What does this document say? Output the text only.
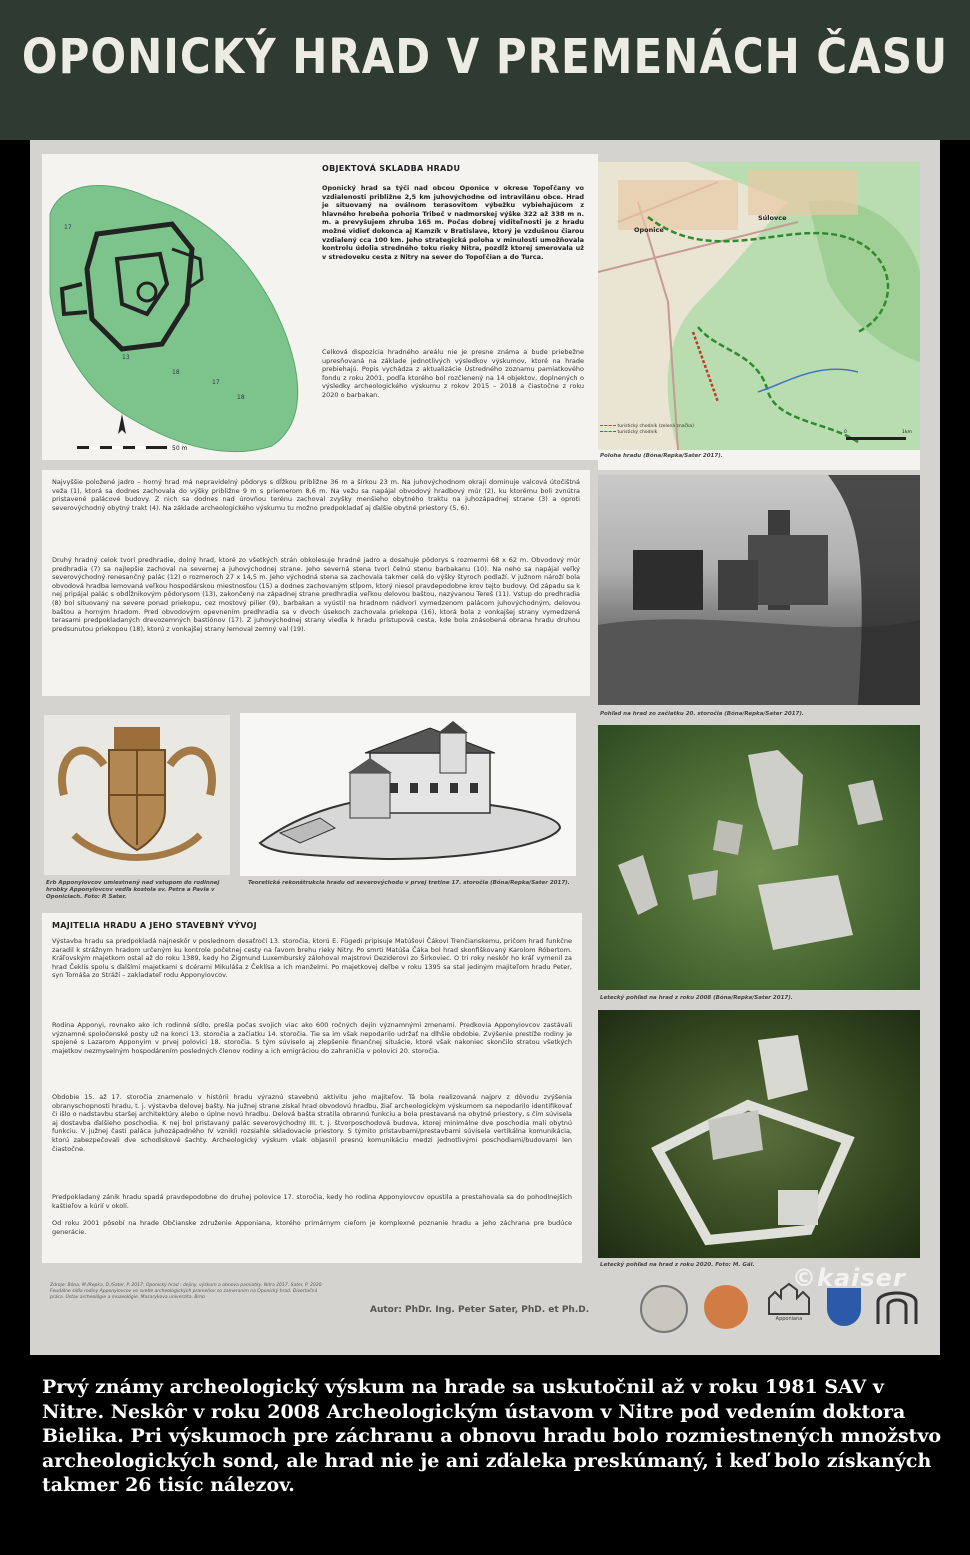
OPONICKÝ HRAD V PREMENÁCH ČASU
17
18
17
18
13
50 m
OBJEKTOVÁ SKLADBA HRADU

Oponický hrad sa týči nad obcou Oponice v okrese Topoľčany vo vzdialenosti približne 2,5 km juhovýchodne od intravilánu obce. Hrad je situovaný na oválnom terasovitom výbežku vybiehajúcom z hlavného hrebeňa pohoria Tribeč v nadmorskej výške 322 až 338 m n. m. a prevyšujem zhruba 165 m. Počas dobrej viditeľnosti je z hradu možné vidieť dokonca aj Kamzík v Bratislave, ktorý je vzdušnou čiarou vzdialený cca 100 km. Jeho strategická poloha v minulosti umožňovala kontrolu údolia stredného toku rieky Nitra, pozdĺž ktorej smerovala už v stredoveku cesta z Nitry na sever do Topoľčian a do Turca.

Celková dispozícia hradného areálu nie je presne známa a bude priebežne upresňovaná na základe jednotlivých výsledkov výskumov, ktoré na hrade prebiehajú. Popis vychádza z aktualizácie Ústredného zoznamu pamiatkového fondu z roku 2001, podľa ktorého bol rozčlenený na 14 objektov, doplnených o výsledky archeologického výskumu z rokov 2015 – 2018 a čiastočne z roku 2020 o barbakan.

Oponice
Súlovce
turistický chodník (zelená značka)
turistický chodník	0	1km
Poloha hradu (Bóna/Repka/Sater 2017).

Najvyššie položené jadro – horný hrad má nepravidelný pôdorys s dĺžkou približne 36 m a šírkou 23 m. Na juhovýchodnom okraji dominuje valcová útočištná veža (1), ktorá sa dodnes zachovala do výšky približne 9 m s priemerom 8,6 m. Na vežu sa napájal obvodový hradbový múr (2), ku ktorému boli zvnútra pristavené palácové budovy. Z nich sa dodnes nad úrovňou terénu zachoval zvyšky menšieho obytného traktu na juhozápadnej strane (3) a oproti severovýchodný obytný trakt (4). Na základe archeologického výskumu tu možno predpokladať aj ďalšie obytné priestory (5, 6).

Druhý hradný celok tvorí predhradie, dolný hrad, ktoré zo všetkých strán obkolesuje hradné jadro a dosahuje pôdorys s rozmermi 68 x 62 m. Obvodový múr predhradia (7) sa najlepšie zachoval na severnej a juhovýchodnej strane. Jeho severná stena tvorí čelnú stenu barbakanu (10). Na neho sa napájal veľký severovýchodný renesančný palác (12) o rozmeroch 27 x 14,5 m. Jeho východná stena sa zachovala takmer celá do výšky štyroch podlaží. V južnom nároží bola obvodová hradba lemovaná veľkou hospodárskou miestnosťou (15) a dodnes zachovaným stĺpom, ktorý niesol pravdepodobne krov tejto budovy. Od západu sa k nej pripájal palác s obdĺžnikovým pôdorysom (13), zakončený na západnej strane predhradia veľkou delovou baštou, nazývanou Tereš (11). Vstup do predhradia (8) bol situovaný na severe ponad priekopu, cez mostový pilier (9), barbakan a vyústil na hradnom nádvorí vymedzenom palácom juhovýchodným, delovou baštou a horným hradom. Pred obvodovým opevnením predhradia sa v dvoch úsekoch zachovala priekopa (16), ktorá bola z vonkajšej strany vymedzená terasami predpokladaných drevozemných bastiónov (17). Z juhovýchodnej strany viedla k hradu prístupová cesta, kde bola znásobená obrana hradu druhou predsunutou priekopou (18), ktorú z vonkajšej strany lemoval zemný val (19).

Pohľad na hrad zo začiatku 20. storočia (Bóna/Repka/Sater 2017).
Erb Apponyiovcov umiestnený nad vstupom do rodinnej hrobky Apponyiovcov vedľa kostola sv. Petra a Pavla v Oponiciach. Foto: P. Sater.
Teoretická rekonštrukcia hradu od severovýchodu v prvej tretine 17. storočia (Bóna/Repka/Sater 2017).
MAJITELIA HRADU A JEHO STAVEBNÝ VÝVOJ

Výstavba hradu sa predpokladá najneskôr v poslednom desaťročí 13. storočia, ktorú E. Fügedi pripisuje Matúšovi Čákovi Trenčianskemu, pričom hrad funkčne zaradil k strážnym hradom určeným ku kontrole početnej cesty na ľavom brehu rieky Nitry. Po smrti Matúša Čáka bol hrad skonfiškovaný Karolom Róbertom. Kráľovským majetkom ostal až do roku 1389, kedy ho Žigmund Luxemburský zálohoval majstrovi Deziderovi zo Širkoviec. O tri roky neskôr ho kráľ vymenil za hrad Čeklís spolu s ďalšími majetkami s dcérami Mikuláša z Čeklísa a ich manželmi. Po majetkovej deľbe v roku 1395 sa stal jediným majiteľom hradu Peter, syn Tomáša zo Stráží – zakladateľ rodu Apponyiovcov.

Rodina Apponyi, rovnako ako ich rodinné sídlo, prešla počas svojich viac ako 600 ročných dejín významnými zmenami. Predkovia Apponyiovcov zastávali významné spoločenské posty už na konci 13. storočia a začiatku 14. storočia. Tie sa im však nepodarilo udržať na dlhšie obdobie. Zvýšenie prestíže rodiny je spojené s Lazarom Apponyim v prvej polovici 18. storočia. S tým súviselo aj zlepšenie finančnej situácie, ktoré však nakoniec skončilo stratou všetkých majetkov nezmyselným hospodárením posledných členov rodiny a ich emigráciou do zahraničia v polovici 20. storočia.

Obdobie 15. až 17. storočia znamenalo v histórii hradu výraznú stavebnú aktivitu jeho majiteľov. Tá bola realizovaná najprv z dôvodu zvýšenia obranyschopnosti hradu, t. j. výstavba delovej bašty. Na južnej strane získal hrad obvodovú hradbu, žiaľ archeologickým výskumom sa nepodarilo identifikovať či išlo o nadstavbu staršej architektúry alebo o úplne novú hradbu. Delová bašta stratila obrannú funkciu a bola prestavaná na obytné priestory, s čím súvisela aj dostavba ďalšieho poschodia. K nej bol pristavaný palác severovýchodný III. t. j. štvorposchodová budova, ktorej minimálne dve poschodia mali obytnú funkciu. V južnej časti paláca juhozápadného IV vznikli rozsiahle skladovacie priestory. S týmito prístavbami/prestavbami súvisela vertikálna komunikácia, ktorú zabezpečovali dve schodiskové šachty. Archeologický výskum však objasnil presnú komunikáciu medzi jednotlivými poschodiami/budovami len čiastočne.

Predpokladaný zánik hradu spadá pravdepodobne do druhej polovice 17. storočia, kedy ho rodina Apponyiovcov opustila a prestahovala sa do pohodlnejších kaštieľov a kúrií v okolí.

Od roku 2001 pôsobí na hrade Občianske združenie Apponiana, ktorého primárnym cieľom je komplexné poznanie hradu a jeho záchrana pre budúce generácie.

Letecký pohľad na hrad z roku 2008 (Bóna/Repka/Sater 2017).
Letecký pohľad na hrad z roku 2020. Foto: M. Gál.
Zdroje: Bóna, M./Repka, D./Sater, P. 2017: Oponický hrad : dejiny, výskum a obnova pamiatky. Nitra 2017. Sater, P. 2020: Feudálne sídla rodiny Apponyiovcov vo svetle archeologických prameňov so zameraním na Oponický hrad. Dizertačná práca. Ústav archeológie a muzeológie, Masarykova univerzita. Brno
Autor: PhDr. Ing. Peter Sater, PhD. et Ph.D.
Apponiana
©kaiser

Prvý známy archeologický výskum na hrade sa uskutočnil až v roku 1981 SAV v Nitre. Neskôr v roku 2008 Archeologickým ústavom v Nitre pod vedením doktora Bielika. Pri výskumoch pre záchranu a obnovu hradu bolo rozmiestnených množstvo archeologických sond, ale hrad nie je ani zďaleka preskúmaný, i keď bolo získaných takmer 26 tisíc nálezov.
